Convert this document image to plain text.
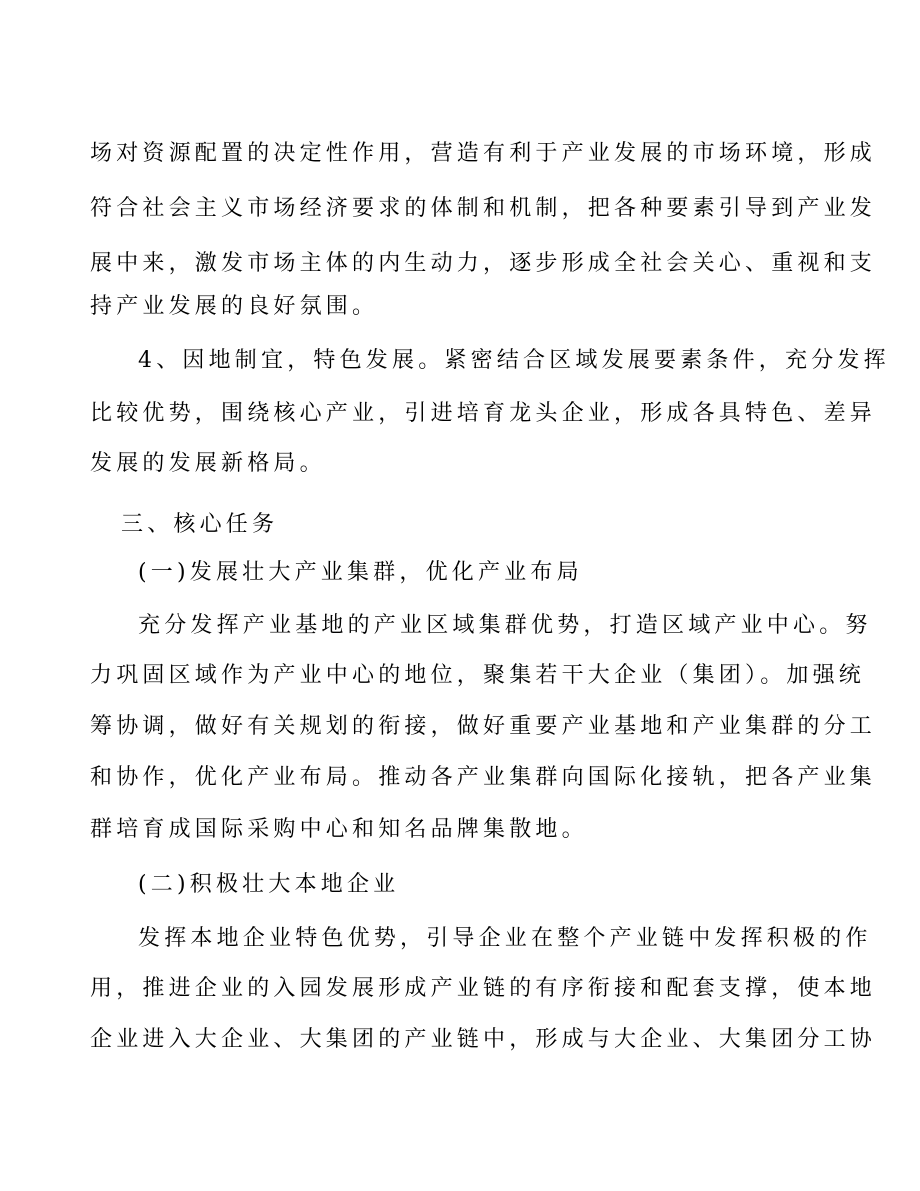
场对资源配置的决定性作用，营造有利于产业发展的市场环境，形成
符合社会主义市场经济要求的体制和机制，把各种要素引导到产业发
展中来，激发市场主体的内生动力，逐步形成全社会关心、重视和支
持产业发展的良好氛围。
4、因地制宜，特色发展。紧密结合区域发展要素条件，充分发挥
比较优势，围绕核心产业，引进培育龙头企业，形成各具特色、差异
发展的发展新格局。
三、核心任务
(一)发展壮大产业集群，优化产业布局
充分发挥产业基地的产业区域集群优势，打造区域产业中心。努
力巩固区域作为产业中心的地位，聚集若干大企业（集团）。加强统
筹协调，做好有关规划的衔接，做好重要产业基地和产业集群的分工
和协作，优化产业布局。推动各产业集群向国际化接轨，把各产业集
群培育成国际采购中心和知名品牌集散地。
(二)积极壮大本地企业
发挥本地企业特色优势，引导企业在整个产业链中发挥积极的作
用，推进企业的入园发展形成产业链的有序衔接和配套支撑，使本地
企业进入大企业、大集团的产业链中，形成与大企业、大集团分工协
